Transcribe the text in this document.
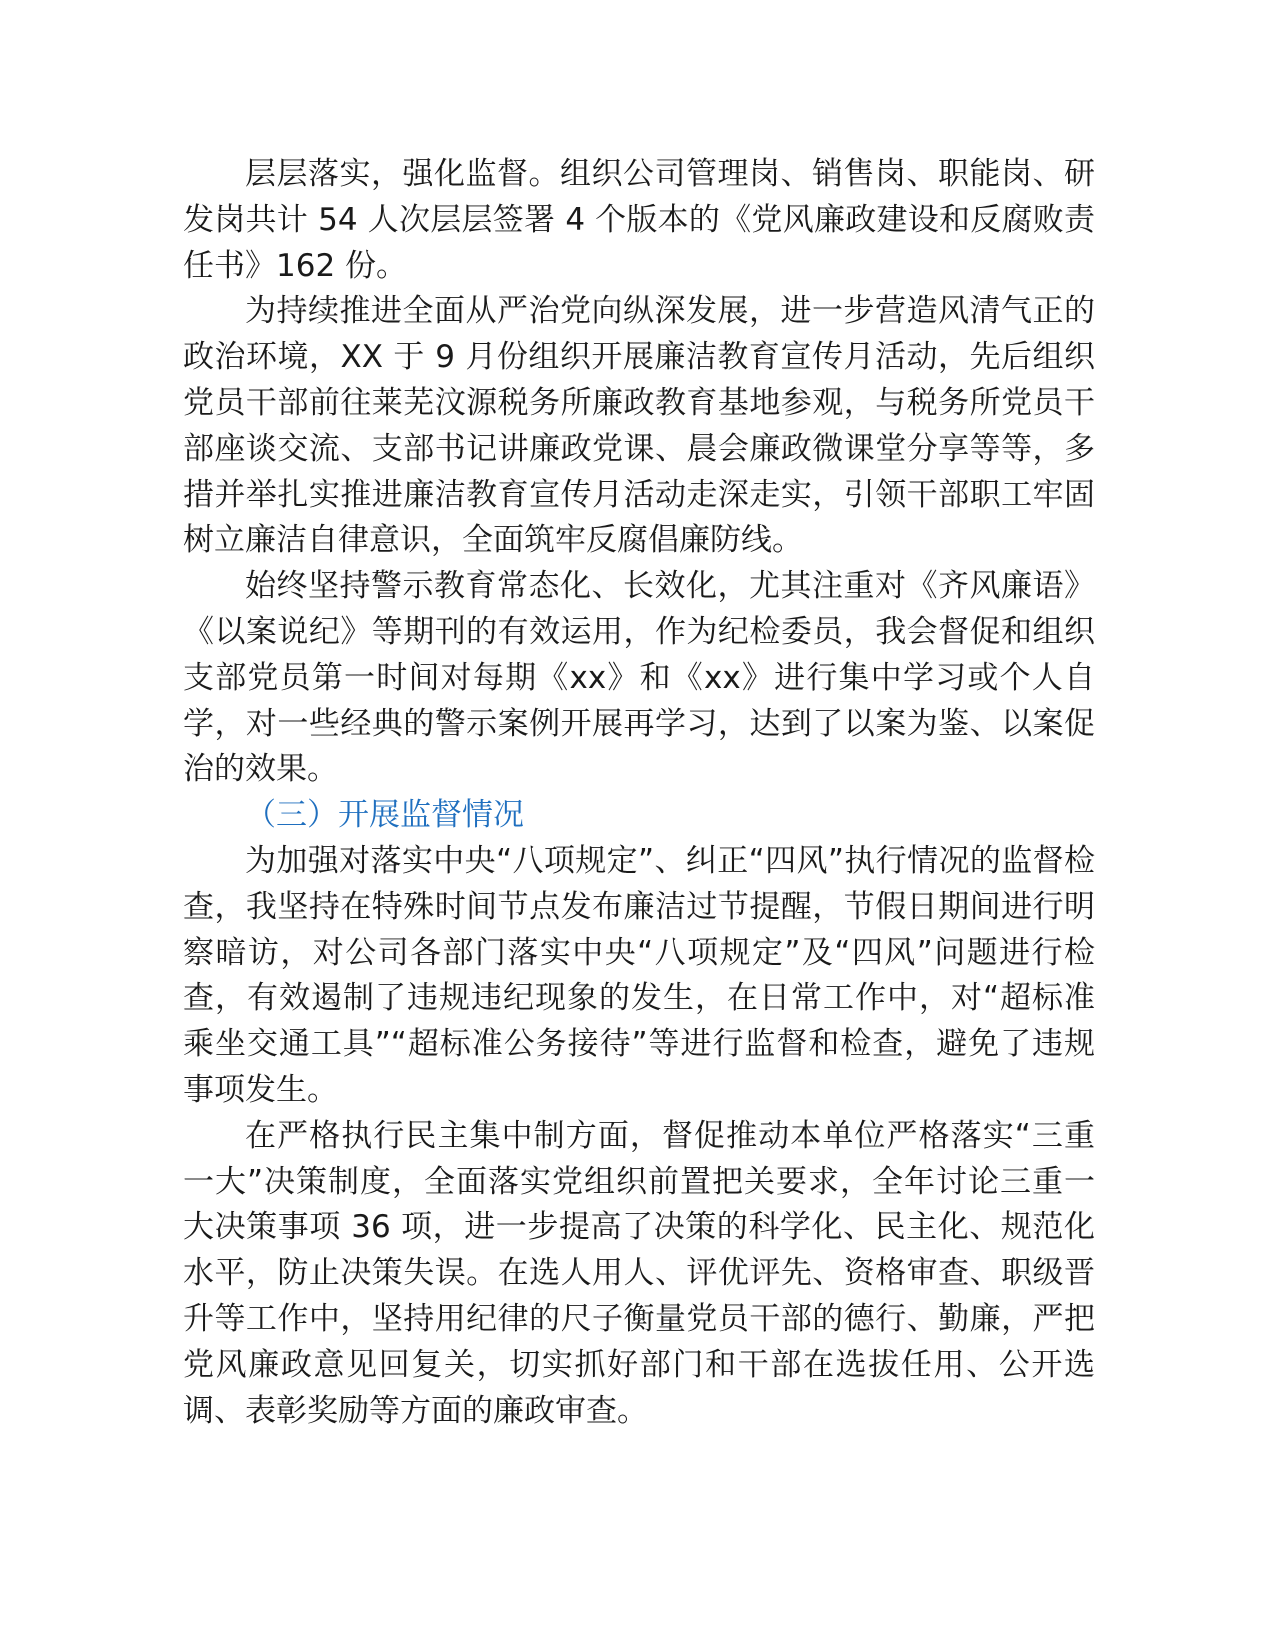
层层落实，强化监督。组织公司管理岗、销售岗、职能岗、研发岗共计 54 人次层层签署 4 个版本的《党风廉政建设和反腐败责任书》162 份。

为持续推进全面从严治党向纵深发展，进一步营造风清气正的政治环境，XX 于 9 月份组织开展廉洁教育宣传月活动，先后组织党员干部前往莱芜汶源税务所廉政教育基地参观，与税务所党员干部座谈交流、支部书记讲廉政党课、晨会廉政微课堂分享等等，多措并举扎实推进廉洁教育宣传月活动走深走实，引领干部职工牢固树立廉洁自律意识，全面筑牢反腐倡廉防线。

始终坚持警示教育常态化、长效化，尤其注重对《齐风廉语》《以案说纪》等期刊的有效运用，作为纪检委员，我会督促和组织支部党员第一时间对每期《xx》和《xx》进行集中学习或个人自学，对一些经典的警示案例开展再学习，达到了以案为鉴、以案促治的效果。

（三）开展监督情况

为加强对落实中央“八项规定”、纠正“四风”执行情况的监督检查，我坚持在特殊时间节点发布廉洁过节提醒，节假日期间进行明察暗访，对公司各部门落实中央“八项规定”及“四风”问题进行检查，有效遏制了违规违纪现象的发生，在日常工作中，对“超标准乘坐交通工具”“超标准公务接待”等进行监督和检查，避免了违规事项发生。

在严格执行民主集中制方面，督促推动本单位严格落实“三重一大”决策制度，全面落实党组织前置把关要求，全年讨论三重一大决策事项 36 项，进一步提高了决策的科学化、民主化、规范化水平，防止决策失误。在选人用人、评优评先、资格审查、职级晋升等工作中，坚持用纪律的尺子衡量党员干部的德行、勤廉，严把党风廉政意见回复关，切实抓好部门和干部在选拔任用、公开选调、表彰奖励等方面的廉政审查。
